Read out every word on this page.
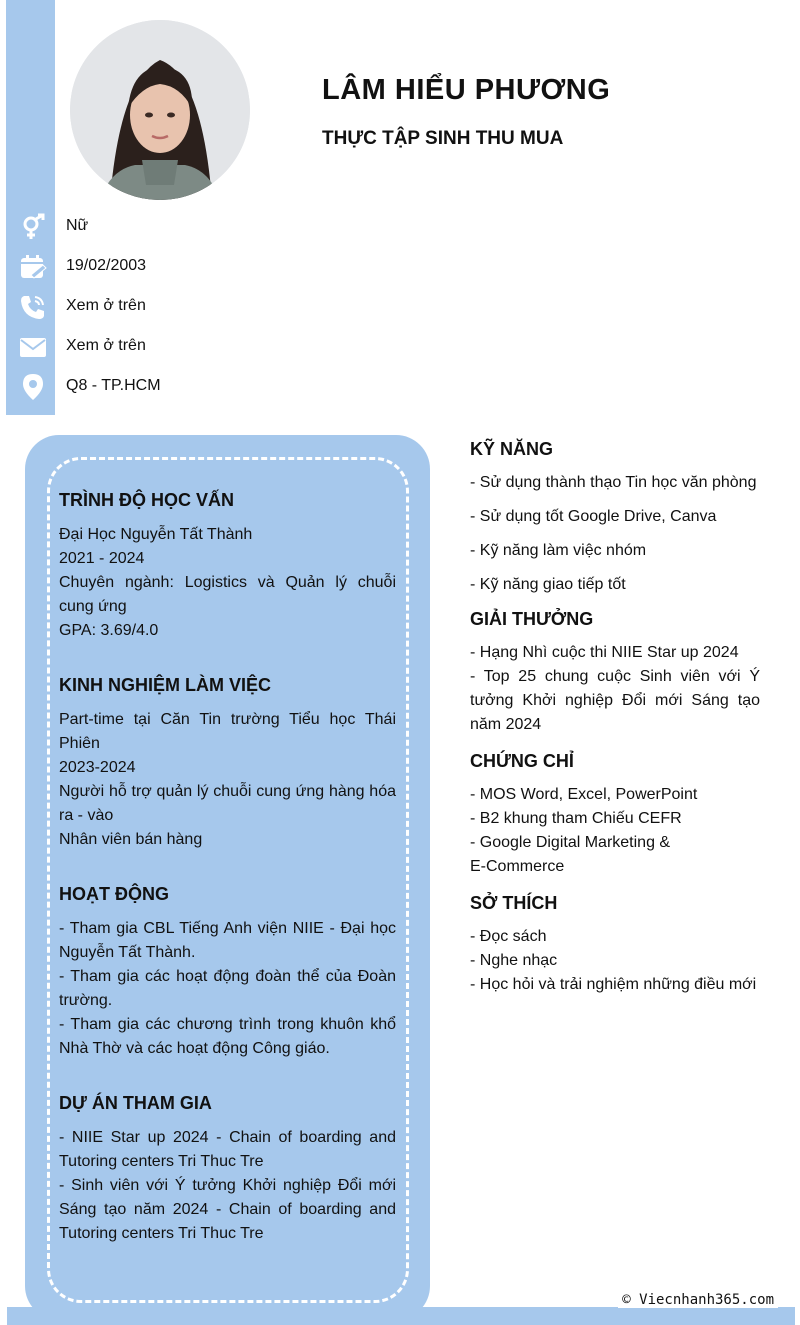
LÂM HIỂU PHƯƠNG
THỰC TẬP SINH THU MUA
Nữ
19/02/2003
Xem ở trên
Xem ở trên
Q8 - TP.HCM
TRÌNH ĐỘ HỌC VẤN
Đại Học Nguyễn Tất Thành
2021 - 2024
Chuyên ngành: Logistics và Quản lý chuỗi cung ứng
GPA: 3.69/4.0
KINH NGHIỆM LÀM VIỆC
Part-time tại Căn Tin trường Tiểu học Thái Phiên
2023-2024
Người hỗ trợ quản lý chuỗi cung ứng hàng hóa ra - vào
Nhân viên bán hàng
HOẠT ĐỘNG
- Tham gia CBL Tiếng Anh viện NIIE - Đại học Nguyễn Tất Thành.
- Tham gia các hoạt động đoàn thể của Đoàn trường.
- Tham gia các chương trình trong khuôn khổ Nhà Thờ và các hoạt động Công giáo.
DỰ ÁN THAM GIA
- NIIE Star up 2024 - Chain of boarding and Tutoring centers Tri Thuc Tre
- Sinh viên với Ý tưởng Khởi nghiệp Đổi mới Sáng tạo năm 2024 - Chain of boarding and Tutoring centers Tri Thuc Tre
KỸ NĂNG
- Sử dụng thành thạo Tin học văn phòng
- Sử dụng tốt Google Drive, Canva
- Kỹ năng làm việc nhóm
- Kỹ năng giao tiếp tốt
GIẢI THƯỞNG
- Hạng Nhì cuộc thi NIIE Star up 2024
- Top 25 chung cuộc Sinh viên với Ý tưởng Khởi nghiệp Đổi mới Sáng tạo năm 2024
CHỨNG CHỈ
- MOS Word, Excel, PowerPoint
- B2 khung tham Chiếu CEFR
- Google Digital Marketing &
E-Commerce
SỞ THÍCH
- Đọc sách
- Nghe nhạc
- Học hỏi và trải nghiệm những điều mới
© Viecnhanh365.com
